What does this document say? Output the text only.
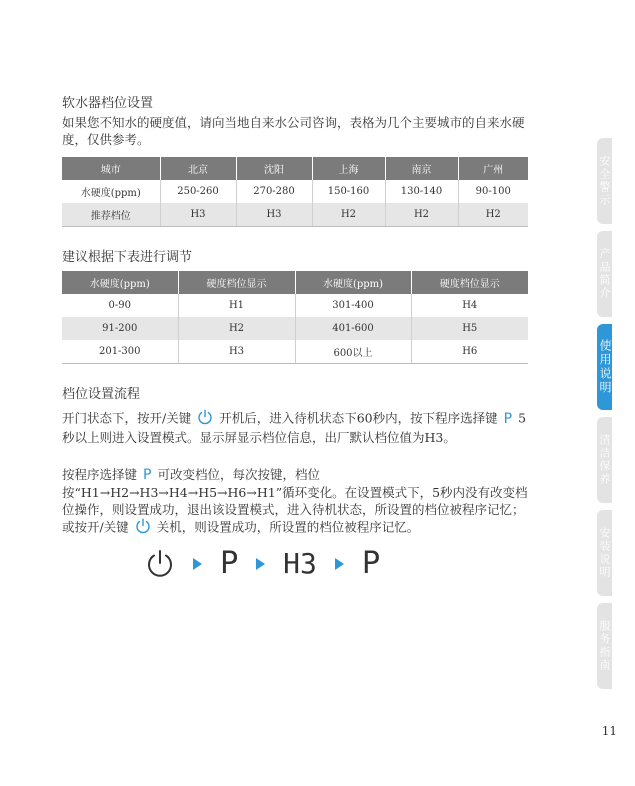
软水器档位设置
如果您不知水的硬度值，请向当地自来水公司咨询，表格为几个主要城市的自来水硬度，仅供参考。
城市	北京	沈阳	上海	南京	广州
水硬度(ppm)	250-260	270-280	150-160	130-140	90-100
推荐档位	H3	H3	H2	H2	H2
建议根据下表进行调节
水硬度(ppm)	硬度档位显示	水硬度(ppm)	硬度档位显示
0-90	H1	301-400	H4
91-200	H2	401-600	H5
201-300	H3	600以上	H6
档位设置流程
开门状态下，按开/关键 开机后，进入待机状态下60秒内，按下程序选择键 P 5秒以上则进入设置模式。显示屏显示档位信息，出厂默认档位值为H3。
按程序选择键 P 可改变档位，每次按键，档位按“H1→H2→H3→H4→H5→H6→H1”循环变化。在设置模式下，5秒内没有改变档位操作，则设置成功，退出该设置模式，进入待机状态，所设置的档位被程序记忆；或按开/关键 关机，则设置成功，所设置的档位被程序记忆。
P H3 P
安全警示
产品简介
使用说明
清洁保养
安装说明
服务指南
11
